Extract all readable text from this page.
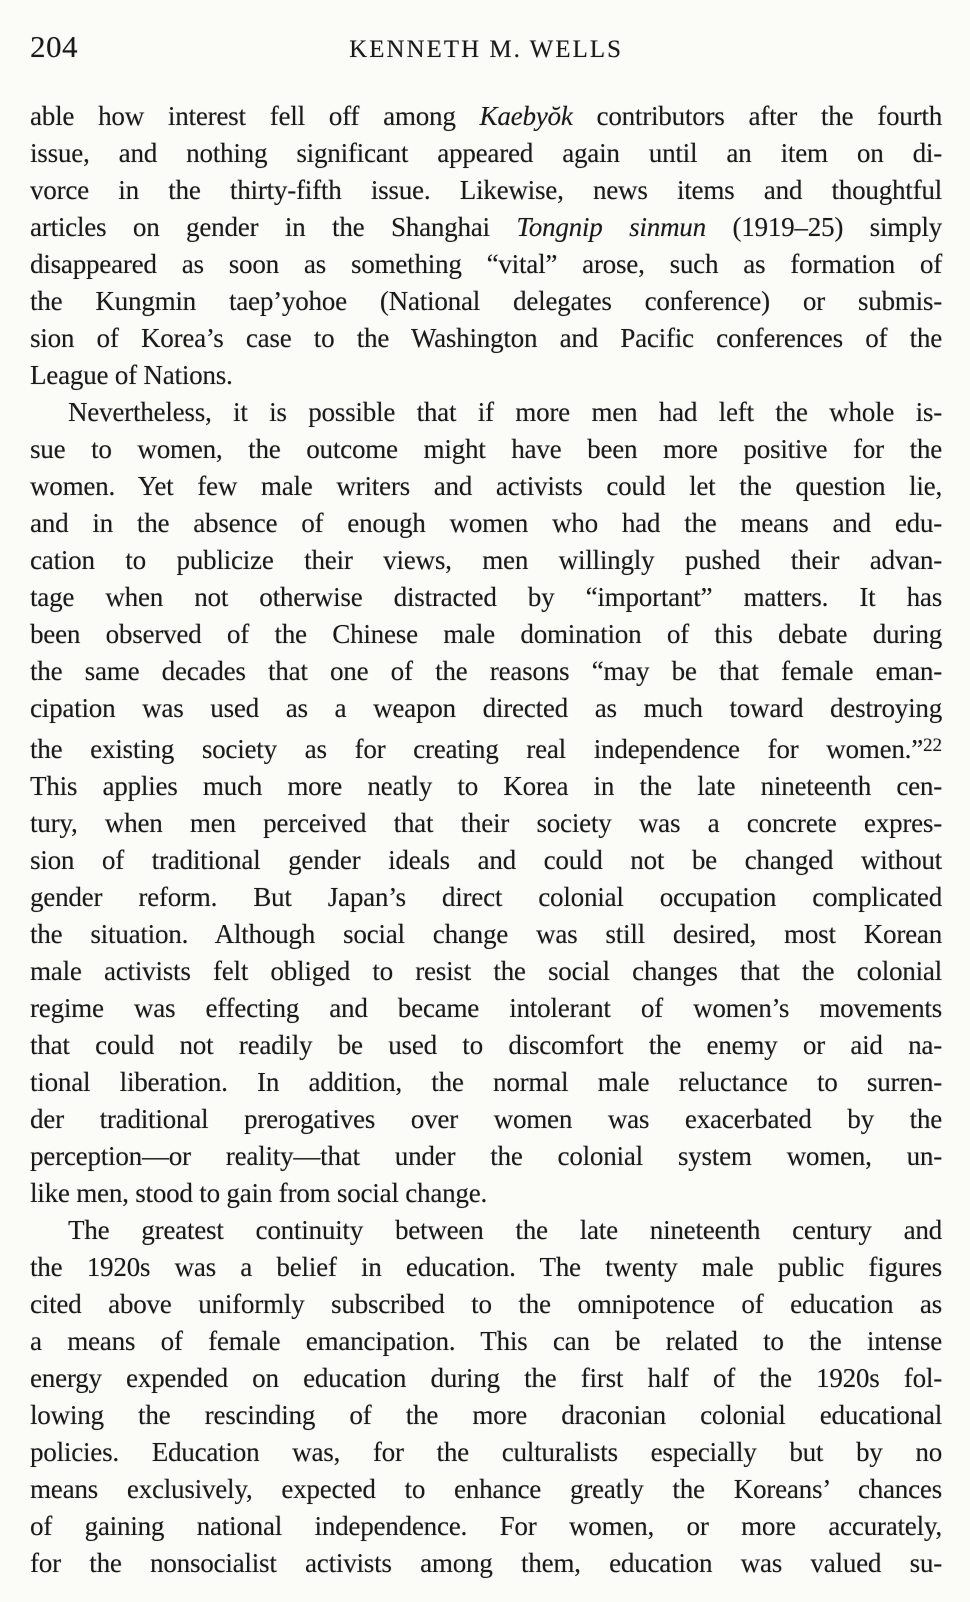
204	KENNETH M. WELLS
able how interest fell off among Kaebyŏk contributors after the fourth
issue, and nothing significant appeared again until an item on di-
vorce in the thirty-fifth issue. Likewise, news items and thoughtful
articles on gender in the Shanghai Tongnip sinmun (1919–25) simply
disappeared as soon as something “vital” arose, such as formation of
the Kungmin taep’yohoe (National delegates conference) or submis-
sion of Korea’s case to the Washington and Pacific conferences of the
League of Nations.
Nevertheless, it is possible that if more men had left the whole is-
sue to women, the outcome might have been more positive for the
women. Yet few male writers and activists could let the question lie,
and in the absence of enough women who had the means and edu-
cation to publicize their views, men willingly pushed their advan-
tage when not otherwise distracted by “important” matters. It has
been observed of the Chinese male domination of this debate during
the same decades that one of the reasons “may be that female eman-
cipation was used as a weapon directed as much toward destroying
the existing society as for creating real independence for women.”$^{22}$
This applies much more neatly to Korea in the late nineteenth cen-
tury, when men perceived that their society was a concrete expres-
sion of traditional gender ideals and could not be changed without
gender reform. But Japan’s direct colonial occupation complicated
the situation. Although social change was still desired, most Korean
male activists felt obliged to resist the social changes that the colonial
regime was effecting and became intolerant of women’s movements
that could not readily be used to discomfort the enemy or aid na-
tional liberation. In addition, the normal male reluctance to surren-
der traditional prerogatives over women was exacerbated by the
perception—or reality—that under the colonial system women, un-
like men, stood to gain from social change.
The greatest continuity between the late nineteenth century and
the 1920s was a belief in education. The twenty male public figures
cited above uniformly subscribed to the omnipotence of education as
a means of female emancipation. This can be related to the intense
energy expended on education during the first half of the 1920s fol-
lowing the rescinding of the more draconian colonial educational
policies. Education was, for the culturalists especially but by no
means exclusively, expected to enhance greatly the Koreans’ chances
of gaining national independence. For women, or more accurately,
for the nonsocialist activists among them, education was valued su-
